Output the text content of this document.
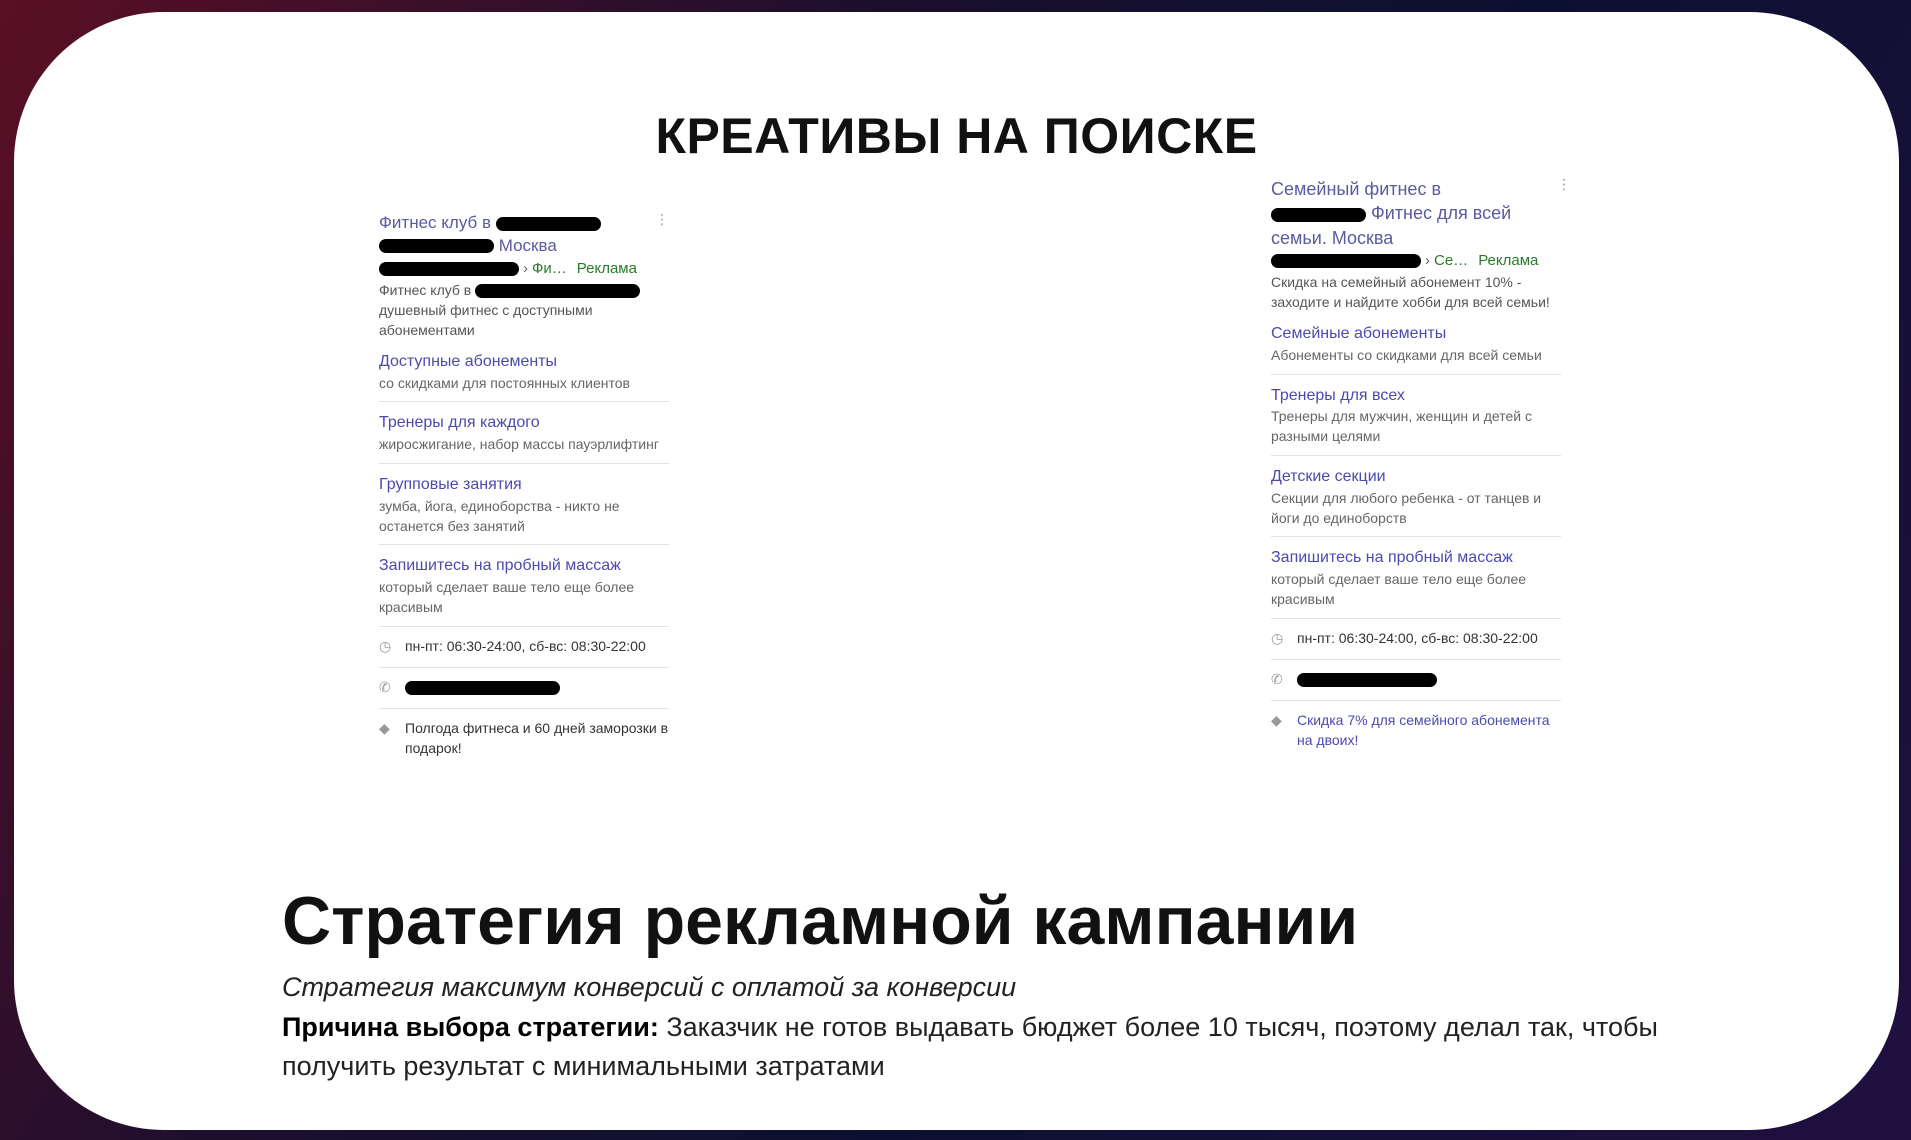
КРЕАТИВЫ НА ПОИСКЕ
Фитнес клуб в
Москва
⋮
› Фи… Реклама
Фитнес клуб в
душевный фитнес с доступными абонементами
Доступные абонементы
со скидками для постоянных клиентов
Тренеры для каждого
жиросжигание, набор массы пауэрлифтинг
Групповые занятия
зумба, йога, единоборства - никто не останется без занятий
Запишитесь на пробный массаж
который сделает ваше тело еще более красивым
◷ пн-пт: 06:30-24:00, сб-вс: 08:30-22:00
✆
◆	Полгода фитнеса и 60 дней заморозки в подарок!
Семейный фитнес в
Фитнес для всей
семьи. Москва
⋮
› Се… Реклама
Скидка на семейный абонемент 10% - заходите и найдите хобби для всей семьи!
Семейные абонементы
Абонементы со скидками для всей семьи
Тренеры для всех
Тренеры для мужчин, женщин и детей с разными целями
Детские секции
Секции для любого ребенка - от танцев и йоги до единоборств
Запишитесь на пробный массаж
который сделает ваше тело еще более красивым
◷ пн-пт: 06:30-24:00, сб-вс: 08:30-22:00
✆
◆	Скидка 7% для семейного абонемента на двоих!
Стратегия рекламной кампании
Стратегия максимум конверсий с оплатой за конверсии
Причина выбора стратегии: Заказчик не готов выдавать бюджет более 10 тысяч, поэтому делал так, чтобы получить результат с минимальными затратами
